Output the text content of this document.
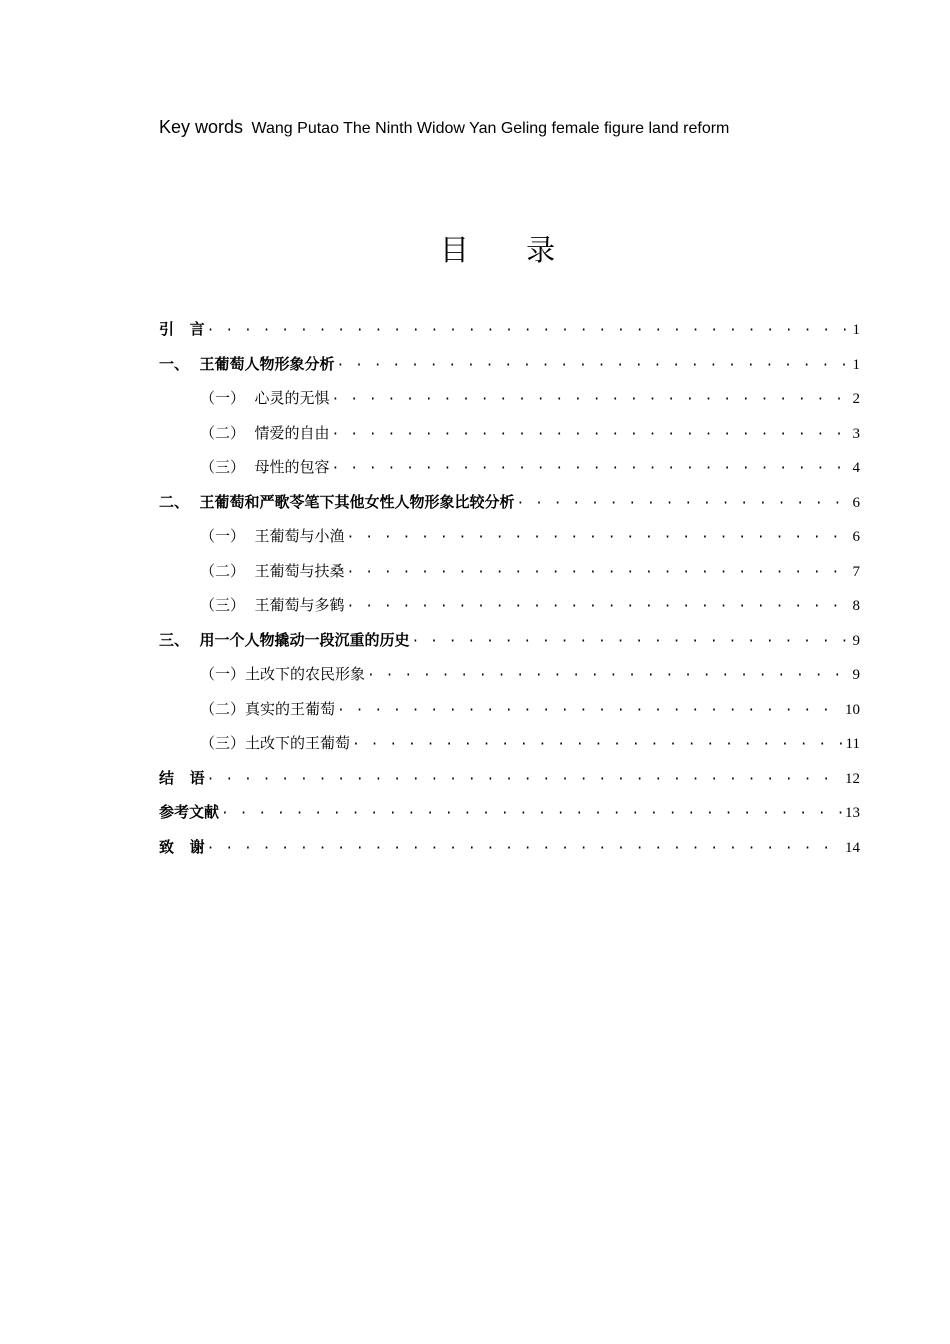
Key words Wang Putao The Ninth Widow Yan Geling female figure land reform
目 录
引   言 · · ·	1
一、  王葡萄人物形象分析 · · ·	1
（一）  心灵的无惧 · · ·	2
（二）  情爱的自由 · · ·	3
（三）  母性的包容 · · ·	4
二、  王葡萄和严歌苓笔下其他女性人物形象比较分析 · · ·	6
（一）  王葡萄与小渔 · · ·	6
（二）  王葡萄与扶桑 · · ·	7
（三）  王葡萄与多鹤 · · ·	8
三、  用一个人物撬动一段沉重的历史 · · ·	9
（一）土改下的农民形象 · · ·	9
（二）真实的王葡萄 · · ·	10
（三）土改下的王葡萄 · · ·	11
结   语 · · ·	12
参考文献 · · ·	13
致   谢 · · ·	14
